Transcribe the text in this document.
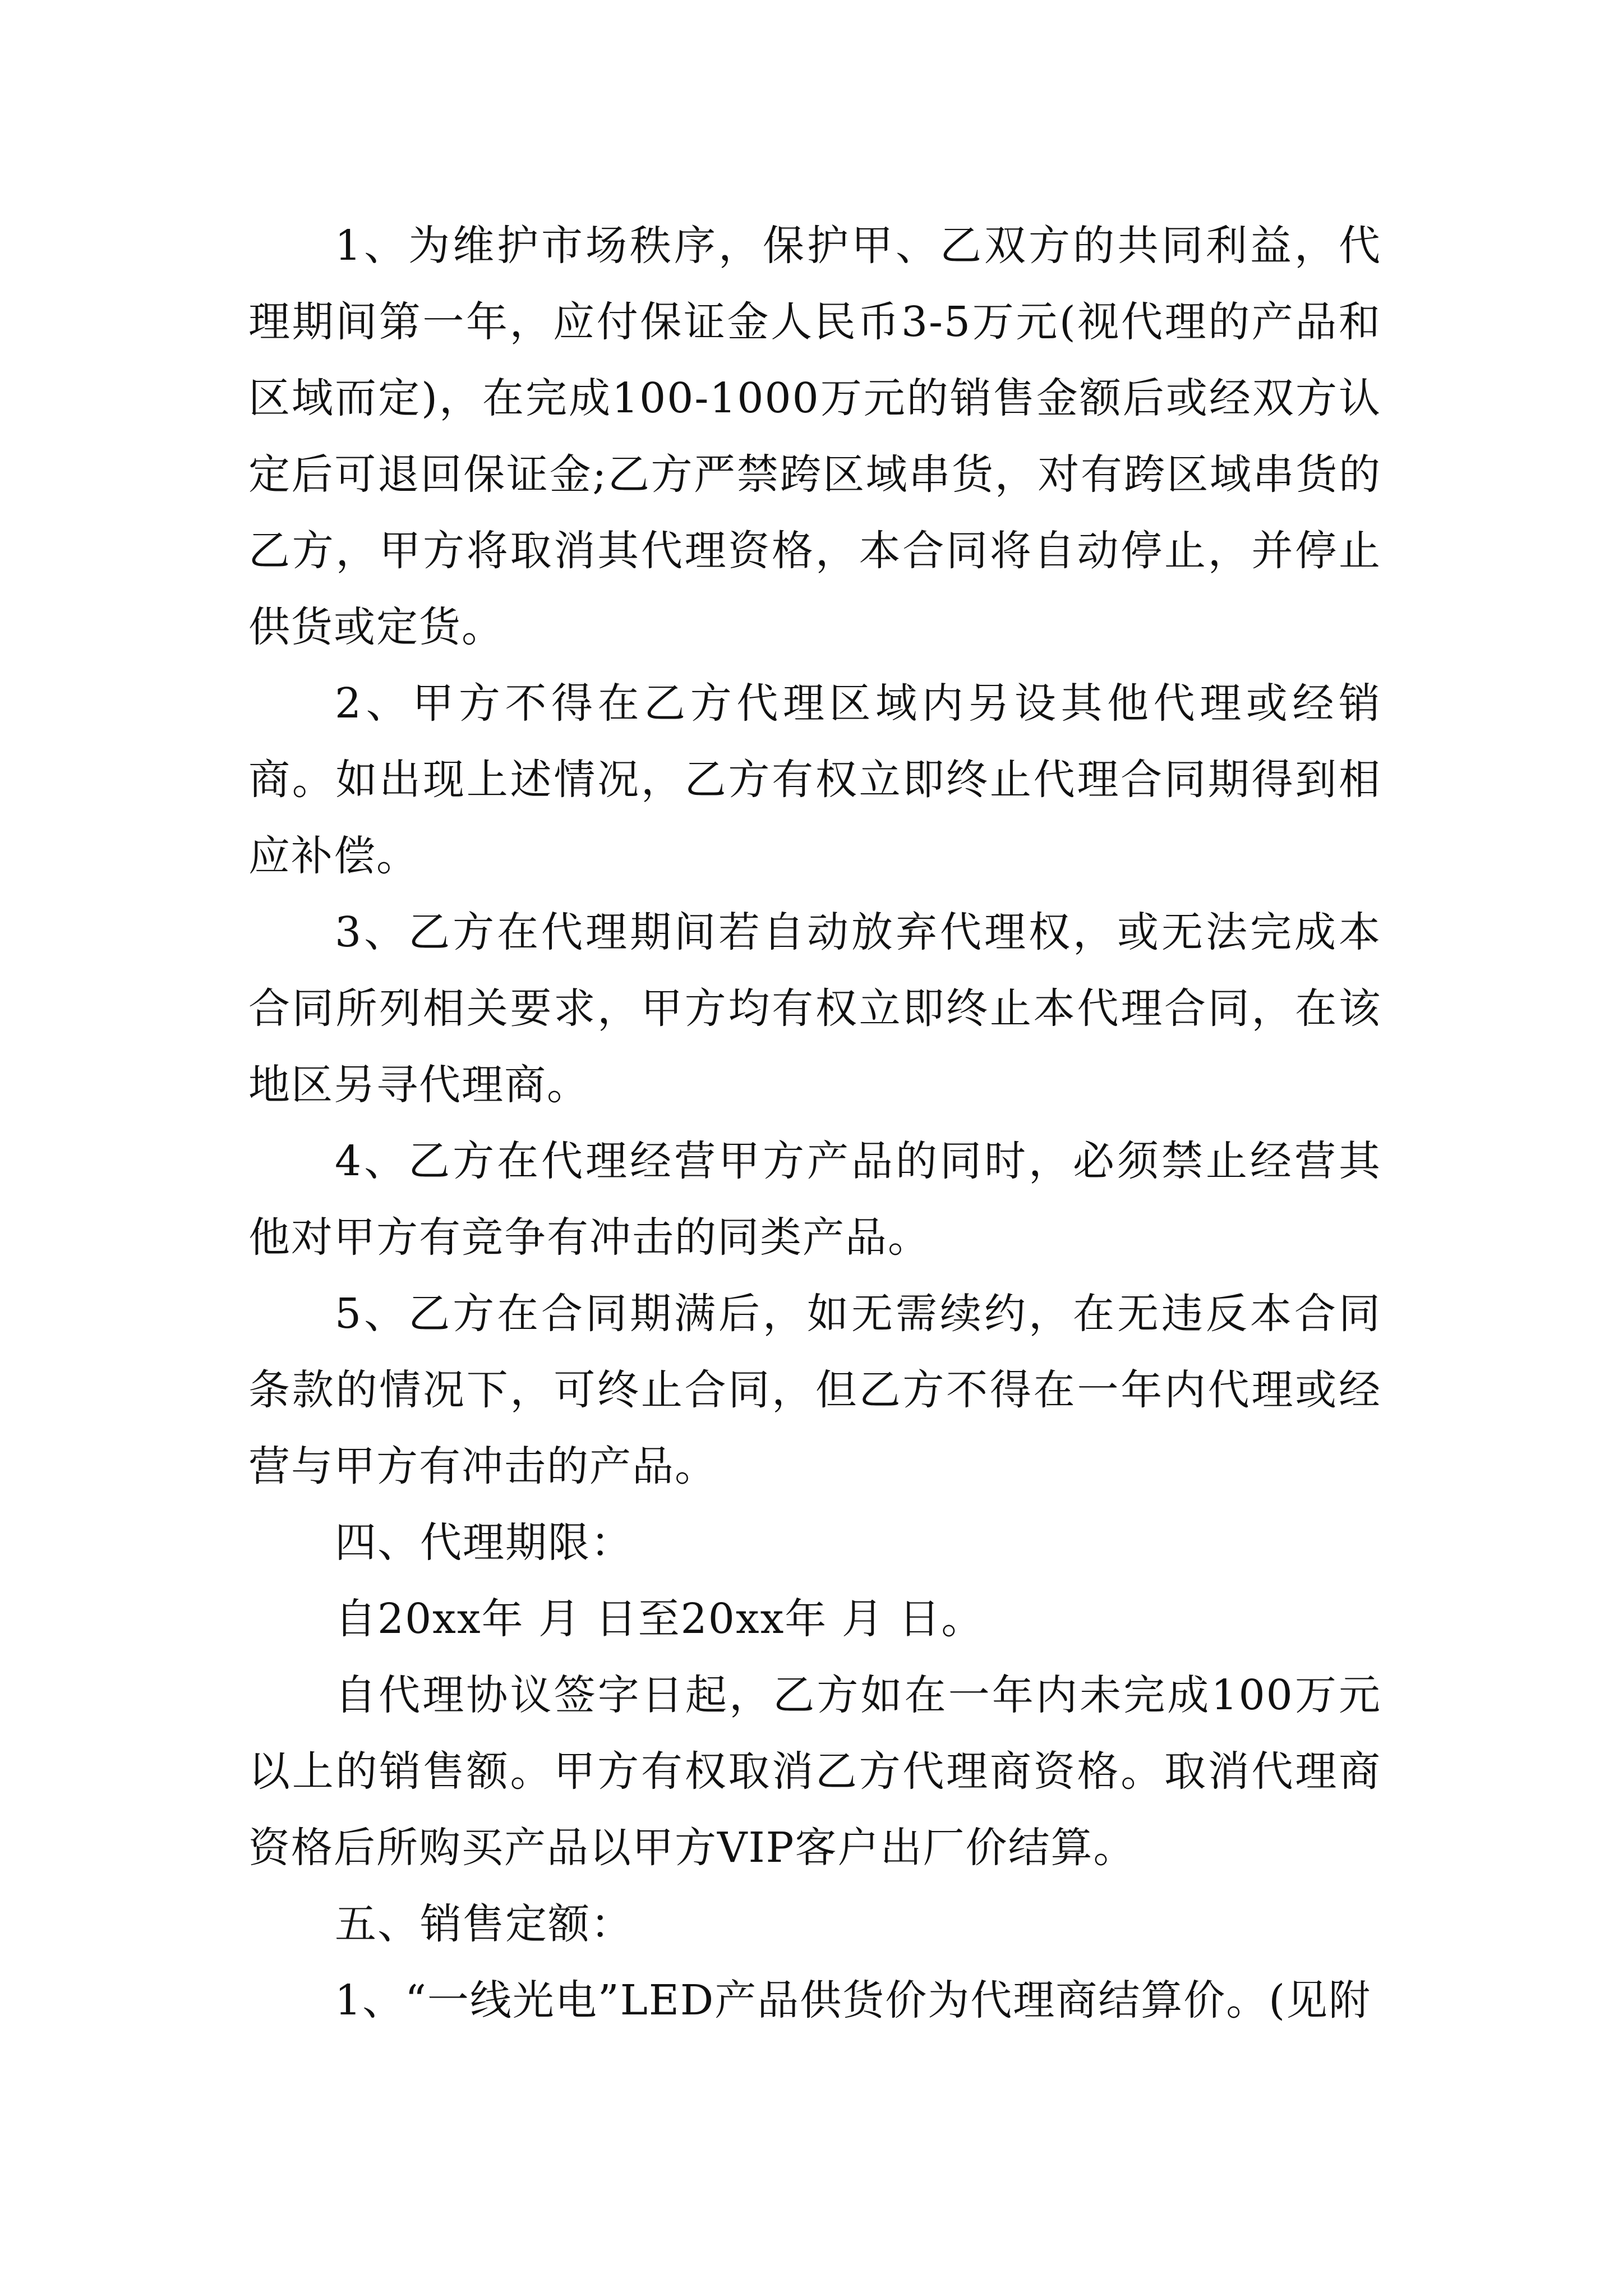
1、为维护市场秩序，保护甲、乙双方的共同利益，代理期间第一年，应付保证金人民币3-5万元(视代理的产品和区域而定)，在完成100-1000万元的销售金额后或经双方认定后可退回保证金;乙方严禁跨区域串货，对有跨区域串货的乙方，甲方将取消其代理资格，本合同将自动停止，并停止供货或定货。

2、甲方不得在乙方代理区域内另设其他代理或经销商。如出现上述情况，乙方有权立即终止代理合同期得到相应补偿。

3、乙方在代理期间若自动放弃代理权，或无法完成本合同所列相关要求，甲方均有权立即终止本代理合同，在该地区另寻代理商。

4、乙方在代理经营甲方产品的同时，必须禁止经营其他对甲方有竞争有冲击的同类产品。

5、乙方在合同期满后，如无需续约，在无违反本合同条款的情况下，可终止合同，但乙方不得在一年内代理或经营与甲方有冲击的产品。

四、代理期限：

自20xx年 月 日至20xx年 月 日。

自代理协议签字日起，乙方如在一年内未完成100万元以上的销售额。甲方有权取消乙方代理商资格。取消代理商资格后所购买产品以甲方VIP客户出厂价结算。

五、销售定额：

1、“一线光电”LED产品供货价为代理商结算价。(见附
